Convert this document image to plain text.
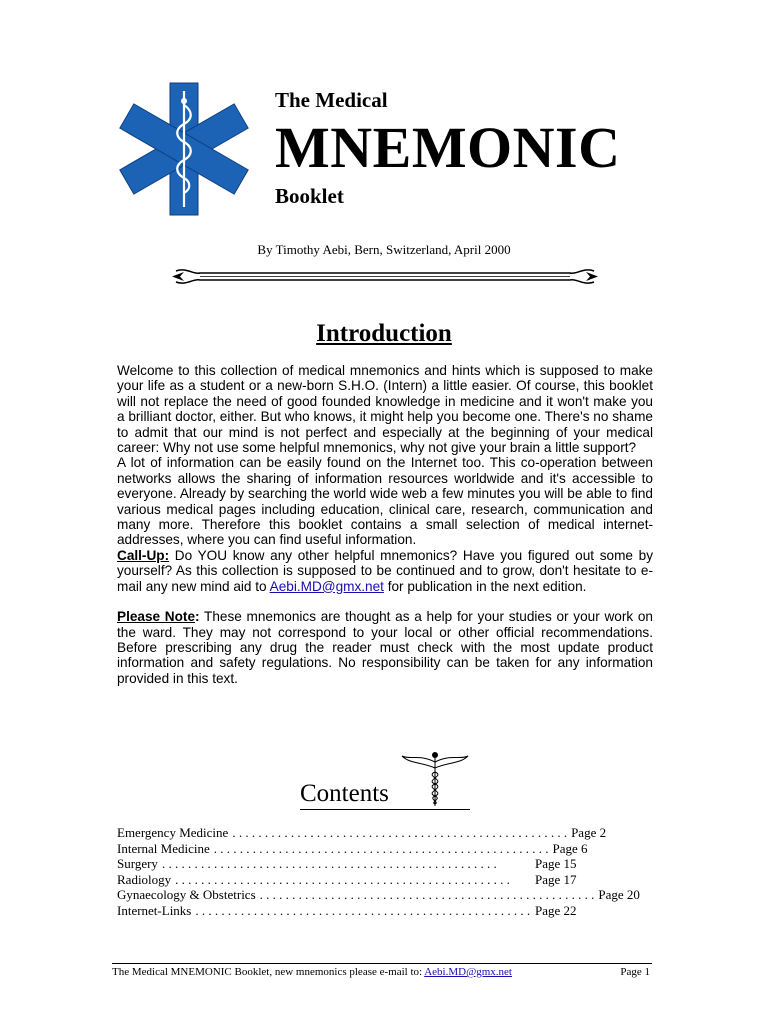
The Medical
MNEMONIC
Booklet
By Timothy Aebi, Bern, Switzerland, April 2000
Introduction

Welcome to this collection of medical mnemonics and hints which is supposed to make your life as a student or a new-born S.H.O. (Intern) a little easier. Of course, this booklet will not replace the need of good founded knowledge in medicine and it won't make you a brilliant doctor, either. But who knows, it might help you become one. There's no shame to admit that our mind is not perfect and especially at the beginning of your medical career: Why not use some helpful mnemonics, why not give your brain a little support?

A lot of information can be easily found on the Internet too. This co-operation between networks allows the sharing of information resources worldwide and it's accessible to everyone. Already by searching the world wide web a few minutes you will be able to find various medical pages including education, clinical care, research, communication and many more. Therefore this booklet contains a small selection of medical internet-addresses, where you can find useful information.

Call-Up: Do YOU know any other helpful mnemonics? Have you figured out some by yourself? As this collection is supposed to be continued and to grow, don't hesitate to e-mail any new mind aid to Aebi.MD@gmx.net for publication in the next edition.

Please Note: These mnemonics are thought as a help for your studies or your work on the ward. They may not correspond to your local or other official recommendations. Before prescribing any drug the reader must check with the most update product information and safety regulations. No responsibility can be taken for any information provided in this text.

Contents
Emergency Medicine . . . . . . . . . . . . . . . . . . . . . . . . . . . . . . . . . . . . . . . . . . . . . . . . . . . . Page 2
Internal Medicine . . . . . . . . . . . . . . . . . . . . . . . . . . . . . . . . . . . . . . . . . . . . . . . . . . . . Page 6
Surgery . . . . . . . . . . . . . . . . . . . . . . . . . . . . . . . . . . . . . . . . . . . . . . . . . . . .	Page 15
Radiology . . . . . . . . . . . . . . . . . . . . . . . . . . . . . . . . . . . . . . . . . . . . . . . . . . . .	Page 17
Gynaecology & Obstetrics . . . . . . . . . . . . . . . . . . . . . . . . . . . . . . . . . . . . . . . . . . . . . . . . . . . . Page 20
Internet-Links . . . . . . . . . . . . . . . . . . . . . . . . . . . . . . . . . . . . . . . . . . . . . . . . . . . . Page 22
The Medical MNEMONIC Booklet, new mnemonics please e-mail to: Aebi.MD@gmx.net	Page 1
